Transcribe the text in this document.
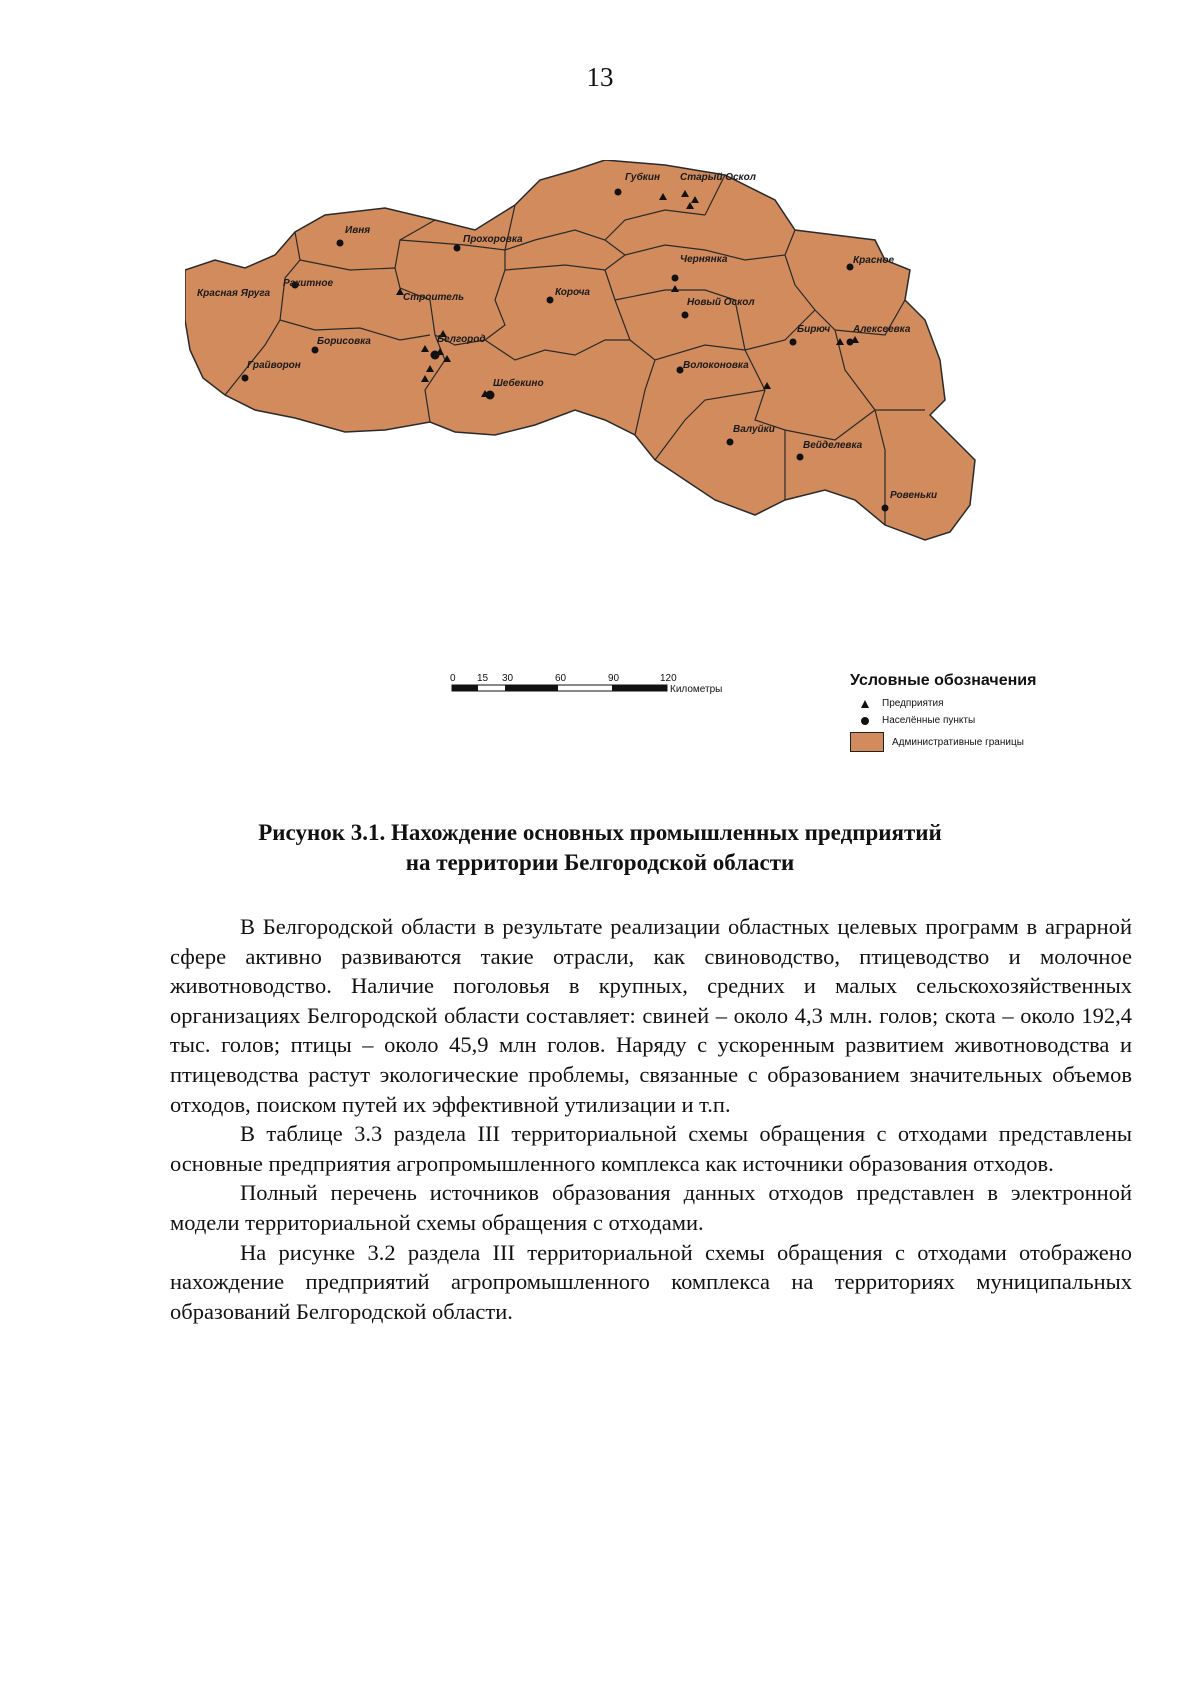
13
Ивня
Прохоровка
Губкин Старый Оскол
Красная Яруга
Ракитное
Строитель	Короча
Чернянка	Красное
Новый Оскол
Бирюч Алексеевка
Грайворон
Борисовка	Белгород
Шебекино
Волоконовка
Валуйки
Вейделевка
Ровеньки
0 15 30	60	90	120
Километры
Условные обозначения
Предприятия
Населённые пункты
Административные границы
Рисунок 3.1. Нахождение основных промышленных предприятий
на территории Белгородской области

В Белгородской области в результате реализации областных целевых программ в аграрной сфере активно развиваются такие отрасли, как свиноводство, птицеводство и молочное животноводство. Наличие поголовья в крупных, средних и малых сельскохозяйственных организациях Белгородской области составляет: свиней – около 4,3 млн. голов; скота – около 192,4 тыс. голов; птицы – около 45,9 млн голов. Наряду с ускоренным развитием животноводства и птицеводства растут экологические проблемы, связанные с образованием значительных объемов отходов, поиском путей их эффективной утилизации и т.п.

В таблице 3.3 раздела III территориальной схемы обращения с отходами представлены основные предприятия агропромышленного комплекса как источники образования отходов.

Полный перечень источников образования данных отходов представлен в электронной модели территориальной схемы обращения с отходами.

На рисунке 3.2 раздела III территориальной схемы обращения с отходами отображено нахождение предприятий агропромышленного комплекса на территориях муниципальных образований Белгородской области.
